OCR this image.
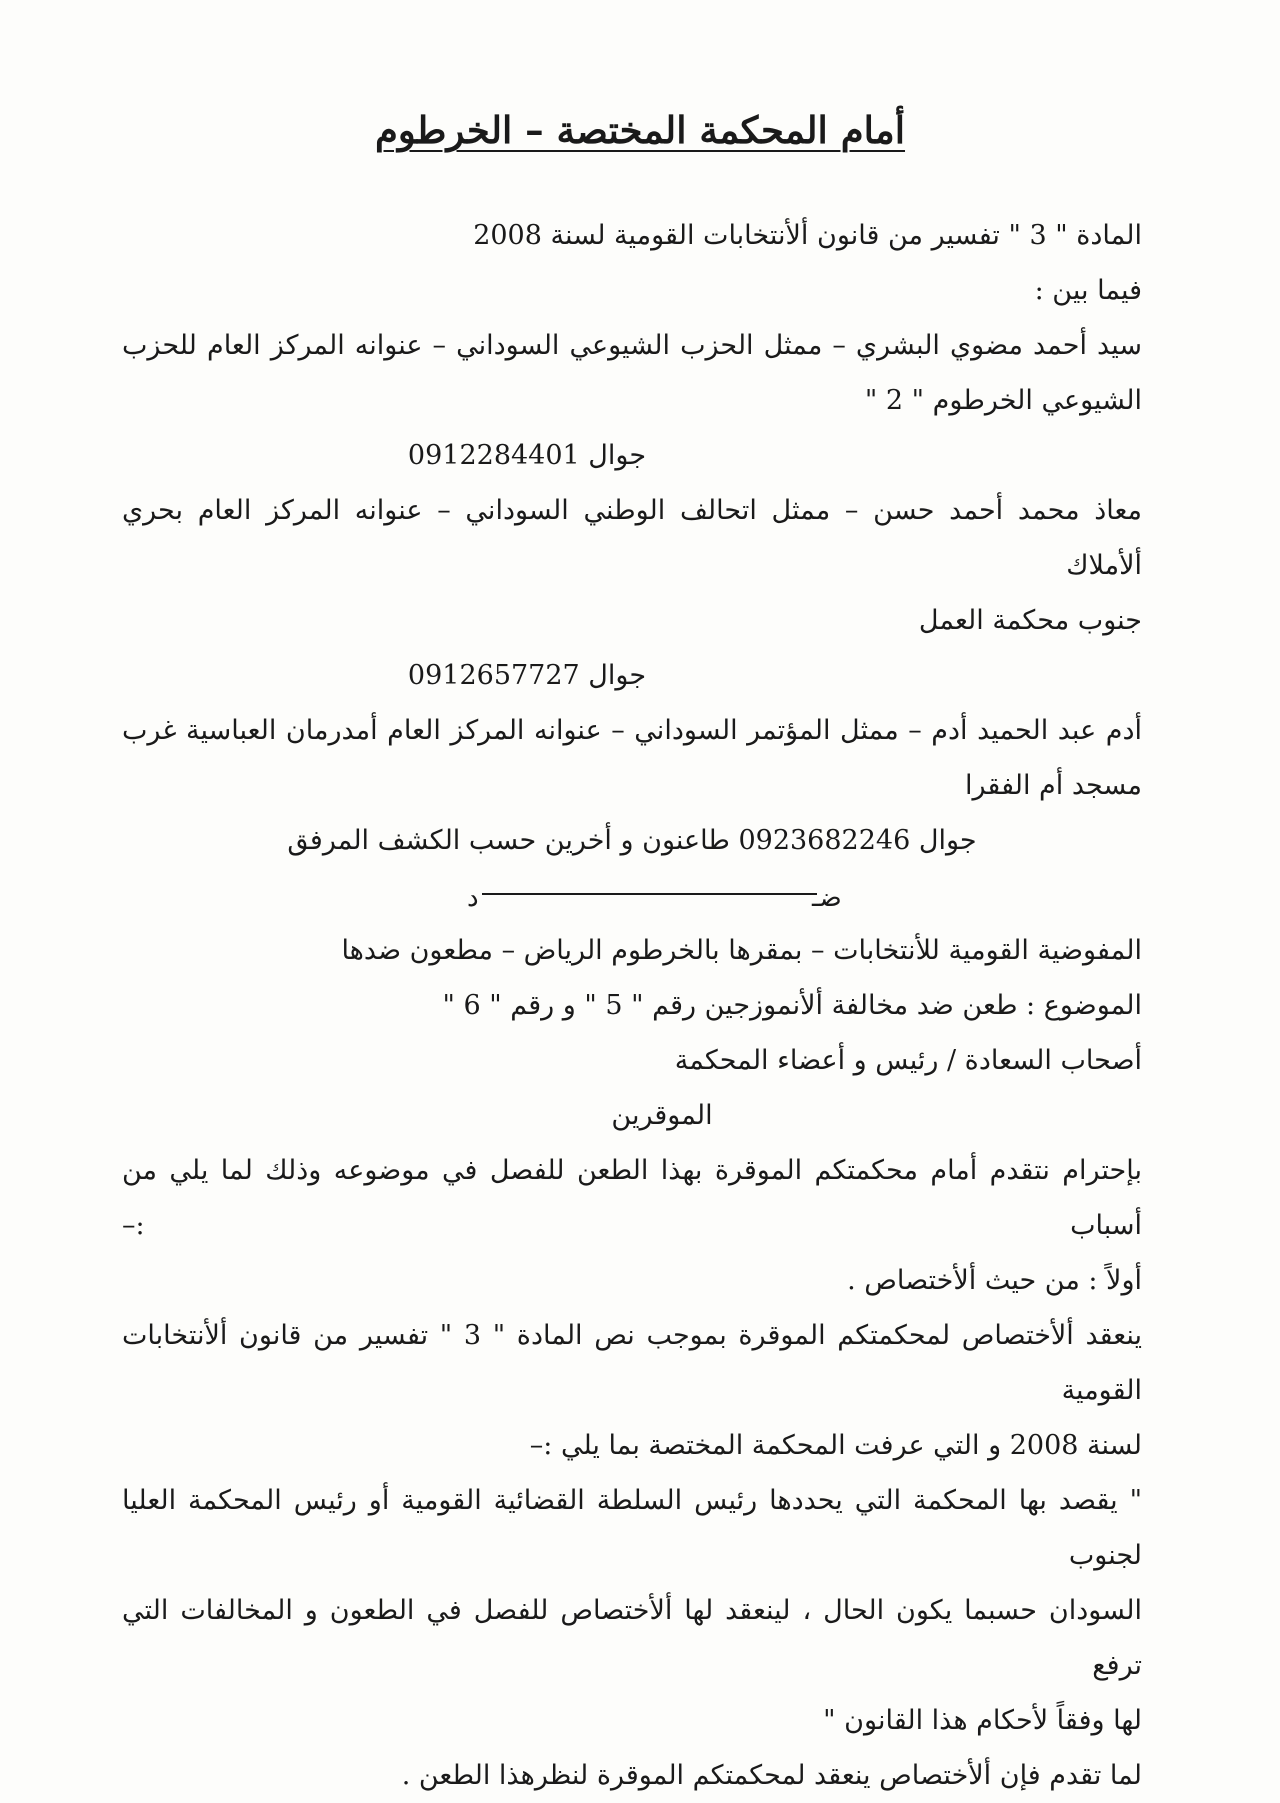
أمام المحكمة المختصة – الخرطوم
المادة " 3 " تفسير من قانون ألأنتخابات القومية لسنة 2008
فيما بين :
سيد أحمد مضوي البشري – ممثل الحزب الشيوعي السوداني – عنوانه المركز العام للحزب
الشيوعي الخرطوم " 2 "
جوال 0912284401
معاذ محمد أحمد حسن – ممثل اتحالف الوطني السوداني – عنوانه المركز العام بحري ألأملاك
جنوب محكمة العمل
جوال 0912657727
أدم عبد الحميد أدم – ممثل المؤتمر السوداني – عنوانه المركز العام أمدرمان العباسية غرب
مسجد أم الفقرا
جوال 0923682246 طاعنون و أخرين حسب الكشف المرفق
د	ضـ
المفوضية القومية للأنتخابات – بمقرها بالخرطوم الرياض – مطعون ضدها
الموضوع : طعن ضد مخالفة ألأنموزجين رقم " 5 " و رقم " 6 "
أصحاب السعادة / رئيس و أعضاء المحكمة
الموقرين
بإحترام نتقدم أمام محكمتكم الموقرة بهذا الطعن للفصل في موضوعه وذلك لما يلي من أسباب :–
أولاً : من حيث ألأختصاص .
ينعقد ألأختصاص لمحكمتكم الموقرة بموجب نص المادة " 3 " تفسير من قانون ألأنتخابات القومية
لسنة 2008 و التي عرفت المحكمة المختصة بما يلي :–
" يقصد بها المحكمة التي يحددها رئيس السلطة القضائية القومية أو رئيس المحكمة العليا لجنوب
السودان حسبما يكون الحال ، لينعقد لها ألأختصاص للفصل في الطعون و المخالفات التي ترفع
لها وفقاً لأحكام هذا القانون "
لما تقدم فإن ألأختصاص ينعقد لمحكمتكم الموقرة لنظرهذا الطعن .
